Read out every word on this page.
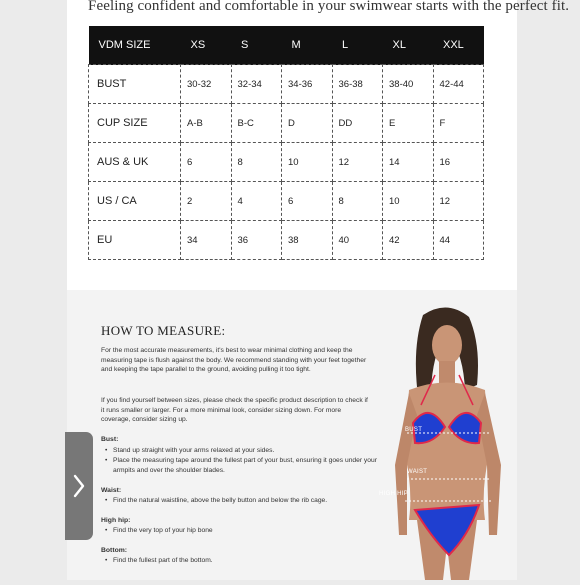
Feeling confident and comfortable in your swimwear starts with the perfect fit.
VDM SIZE	XS	S	M	L	XL	XXL
BUST	30-32	32-34	34-36	36-38	38-40	42-44
CUP SIZE	A-B	B-C	D	DD	E	F
AUS & UK	6	8	10	12	14	16
US / CA	2	4	6	8	10	12
EU	34	36	38	40	42	44
HOW TO MEASURE:
For the most accurate measurements, it's best to wear minimal clothing and keep the measuring tape is flush against the body. We recommend standing with your feet together and keeping the tape parallel to the ground, avoiding pulling it too tight.
If you find yourself between sizes, please check the specific product description to check if it runs smaller or larger. For a more minimal look, consider sizing down. For more coverage, consider sizing up.
Bust:
• Stand up straight with your arms relaxed at your sides.
• Place the measuring tape around the fullest part of your bust, ensuring it goes under your armpits and over the shoulder blades.
Waist:
• Find the natural waistline, above the belly button and below the rib cage.
High hip:
• Find the very top of your hip bone
Bottom:
• Find the fullest part of the bottom.
BUST
WAIST
HIGH HIP
